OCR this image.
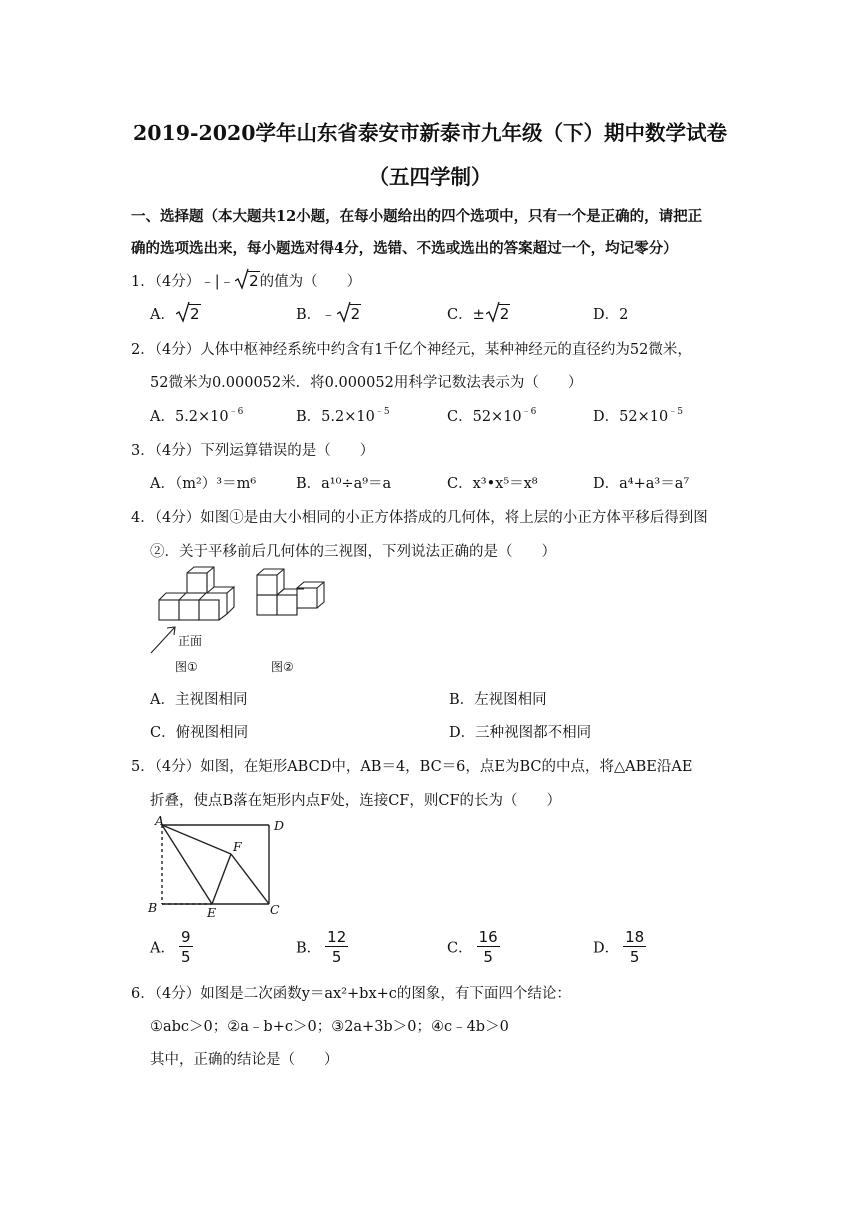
2019-2020学年山东省泰安市新泰市九年级（下）期中数学试卷
（五四学制）
一、选择题（本大题共12小题，在每小题给出的四个选项中，只有一个是正确的，请把正
确的选项选出来，每小题选对得4分，选错、不选或选出的答案超过一个，均记零分）
1．（4分）﹣|﹣ 2的值为（　　）
A． 2	B．﹣ 2	C．± 2	D．2
2．（4分）人体中枢神经系统中约含有1千亿个神经元，某种神经元的直径约为52微米，
52微米为0.000052米．将0.000052用科学记数法表示为（　　）
A．$5.2\times 10^{﹣6}$	B．$5.2\times 10^{﹣5}$	C．$52\times 10^{﹣6}$	D．$52\times 10^{﹣5}$
3．（4分）下列运算错误的是（　　）
A．（m²）³＝m⁶	B．a¹⁰÷a⁹＝a	C．x³•x⁵＝x⁸	D．a⁴+a³＝a⁷
4．（4分）如图①是由大小相同的小正方体搭成的几何体，将上层的小正方体平移后得到图
②．关于平移前后几何体的三视图，下列说法正确的是（　　）
正面
图①	图②
A．主视图相同	B．左视图相同
C．俯视图相同	D．三种视图都不相同
5．（4分）如图，在矩形ABCD中，AB＝4，BC＝6，点E为BC的中点，将△ABE沿AE
折叠，使点B落在矩形内点F处，连接CF，则CF的长为（　　）
A	D
B	C
E
F
A． $\frac{9}{5}$	B． $\frac{12}{5}$	C． $\frac{16}{5}$	D． $\frac{18}{5}$
6．（4分）如图是二次函数y＝ax²+bx+c的图象，有下面四个结论：
①abc＞0；②a﹣b+c＞0；③2a+3b＞0；④c﹣4b＞0
其中，正确的结论是（　　）
